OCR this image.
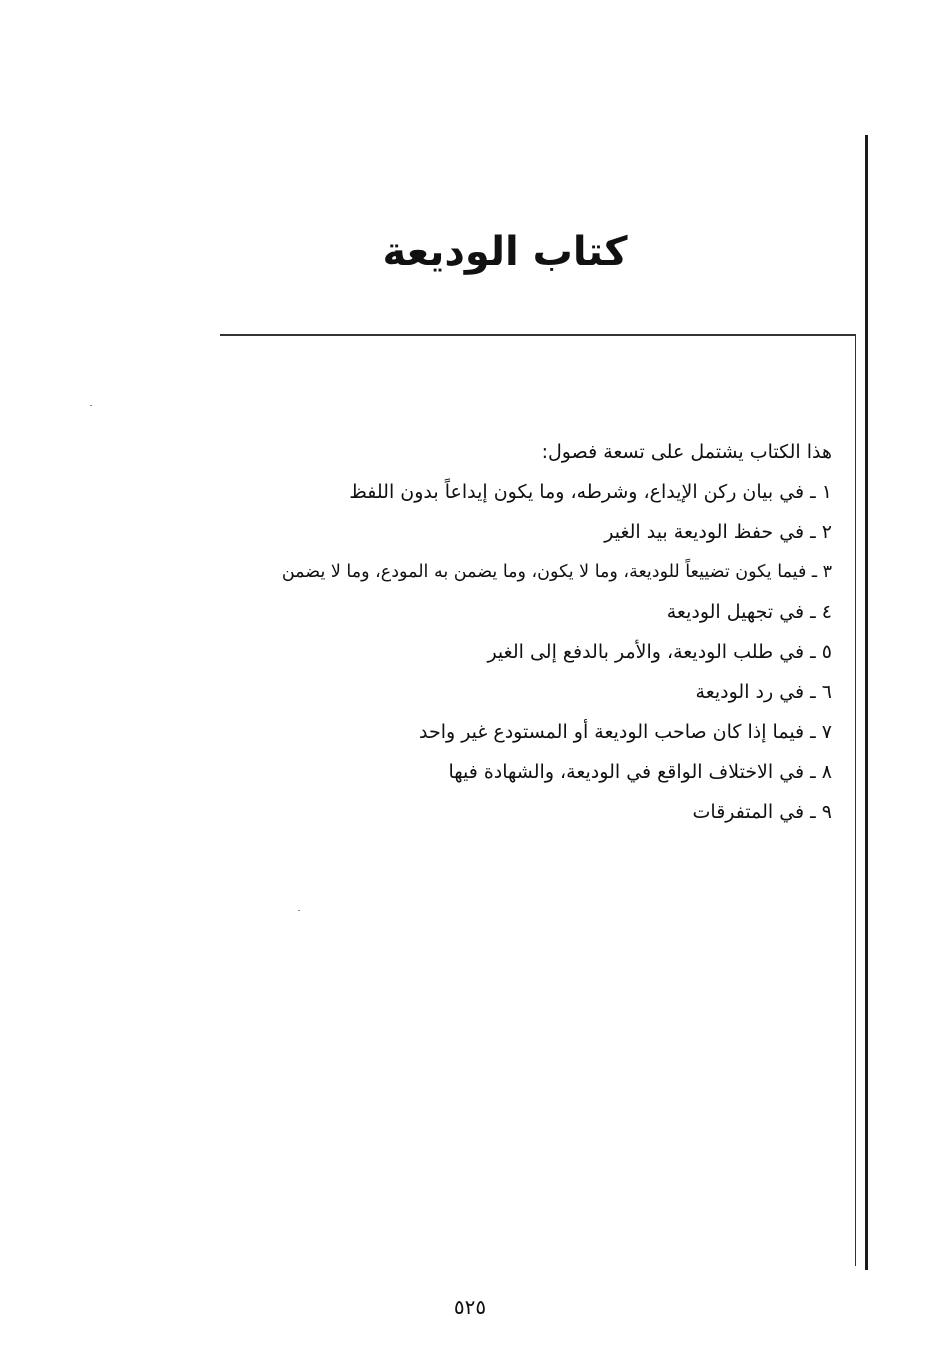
كتاب الوديعة
هذا الكتاب يشتمل على تسعة فصول:
١ ـ في بيان ركن الإيداع، وشرطه، وما يكون إيداعاً بدون اللفظ
٢ ـ في حفظ الوديعة بيد الغير
٣ ـ فيما يكون تضييعاً للوديعة، وما لا يكون، وما يضمن به المودع، وما لا يضمن
٤ ـ في تجهيل الوديعة
٥ ـ في طلب الوديعة، والأمر بالدفع إلى الغير
٦ ـ في رد الوديعة
٧ ـ فيما إذا كان صاحب الوديعة أو المستودع غير واحد
٨ ـ في الاختلاف الواقع في الوديعة، والشهادة فيها
٩ ـ في المتفرقات
٥٢٥
